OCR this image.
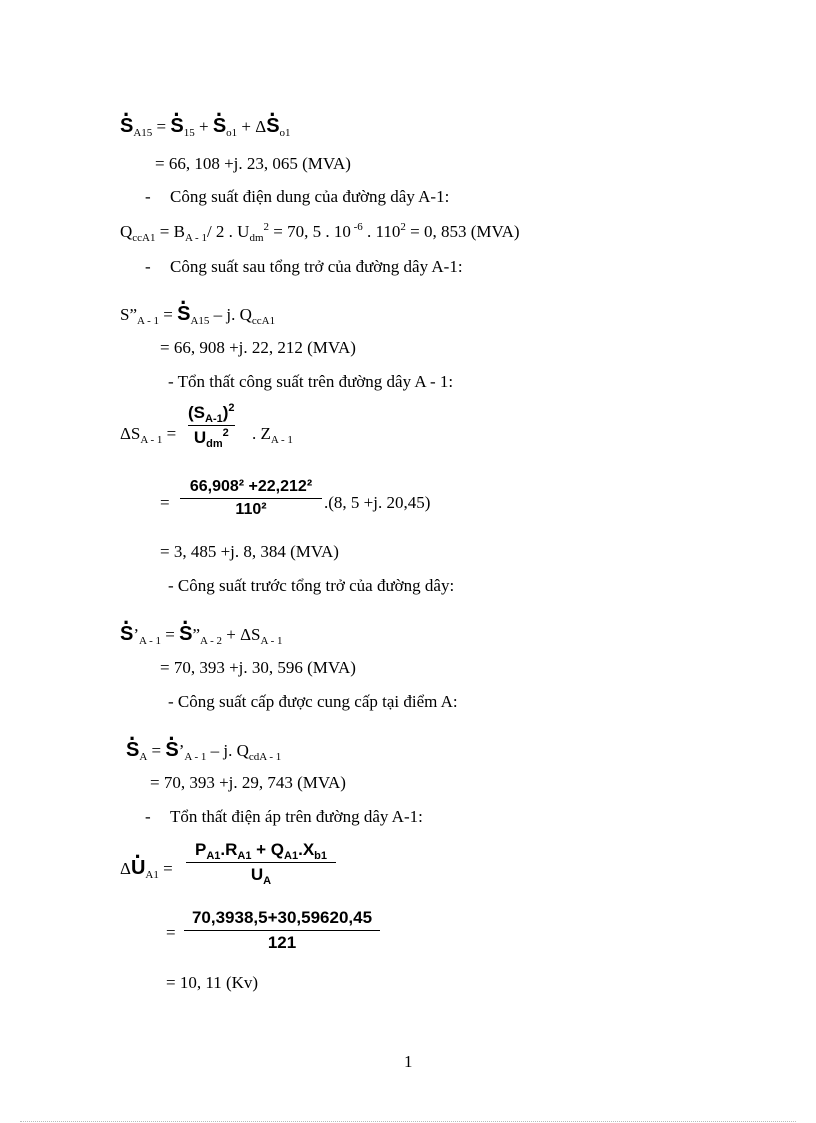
· $S_{A15}$ = · $S_{15}$ + · $S_{o1} + \Delta\cdot S_{o1}$
= 66, 108 +j. 23, 065 (MVA)
- Công suất điện dung của đường dây A-1:
$Q_{ccA1} = B_{A - 1}/$ 2 . $U_{dm}^2 = 70$, 5 . 10 $^{-6}$ . $110^2 = 0$, 853 (MVA)
- Công suất sau tổng trở của đường dây A-1:
$S”_{A - 1}$ = · $S_{A15}$ – j. $Q_{ccA1}$
= 66, 908 +j. 22, 212 (MVA)
- Tổn thất công suất trên đường dây A - 1:
$\Delta S_{A - 1}$ =
$(S_{A-1})^2$
$U_{dm}^2$	. $Z_{A - 1}$
=
66,908² +22,212²
110²	.(8, 5 +j. 20,45)
= 3, 485 +j. 8, 384 (MVA)
- Công suất trước tổng trở của đường dây:
· $S’_{A - 1}$ = · $S”_{A - 2} + \Delta S_{A - 1}$
= 70, 393 +j. 30, 596 (MVA)
- Công suất cấp được cung cấp tại điểm A:
· $S_A$ = · $S’_{A - 1}$ – j. $Q_{cdA - 1}$
= 70, 393 +j. 29, 743 (MVA)
- Tổn thất điện áp trên đường dây A-1:
$\Delta\cdot U_{A1}$ =
$P_{A1}.R_{A1} + Q_{A1}.X_{b1}$
$U_A$
=
70,3938,5+30,59620,45
121
= 10, 11 (Kv)
1
